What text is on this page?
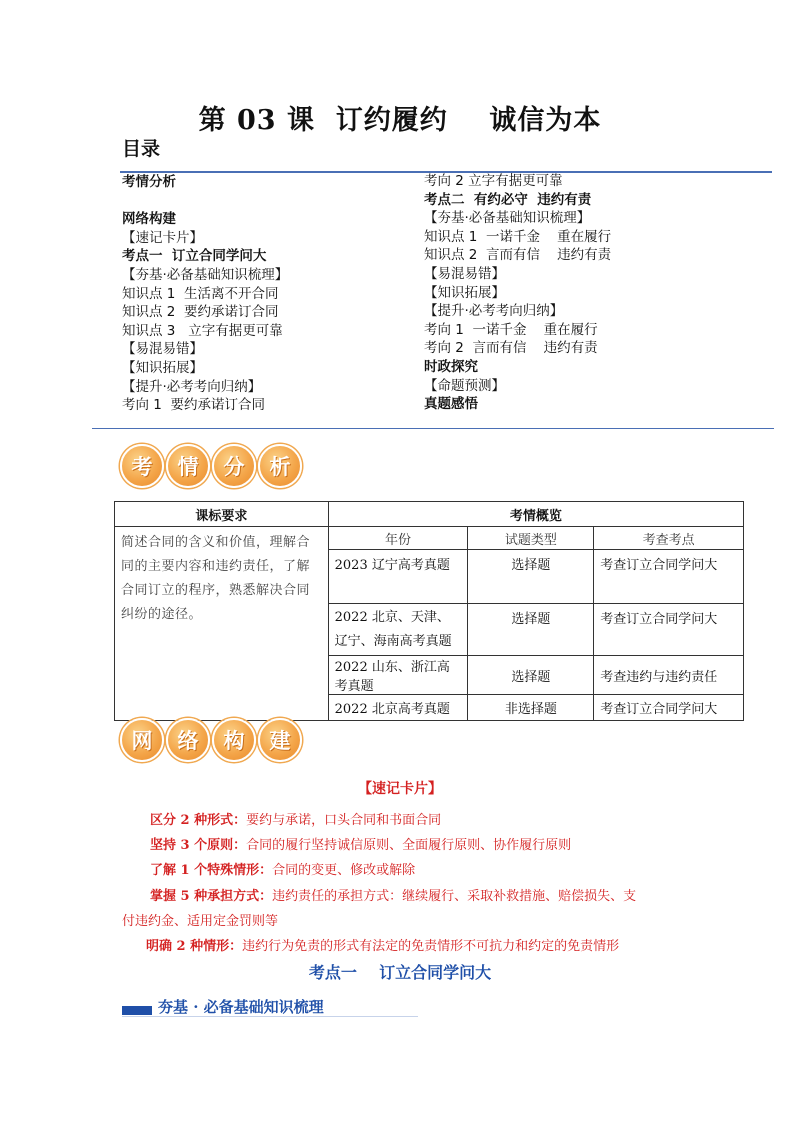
第 03 课  订约履约    诚信为本
目录
考情分析
网络构建
【速记卡片】
考点一  订立合同学问大
【夯基·必备基础知识梳理】
知识点 1  生活离不开合同
知识点 2  要约承诺订合同
知识点 3   立字有据更可靠
【易混易错】
【知识拓展】
【提升·必考考向归纳】
考向 1  要约承诺订合同
考向 2 立字有据更可靠
考点二  有约必守  违约有责
【夯基·必备基础知识梳理】
知识点 1  一诺千金    重在履行
知识点 2  言而有信    违约有责
【易混易错】
【知识拓展】
【提升·必考考向归纳】
考向 1  一诺千金    重在履行
考向 2  言而有信    违约有责
时政探究
【命题预测】
真题感悟
考	情	分	析
课标要求	考情概览		
简述合同的含义和价值，理解合同的主要内容和违约责任，了解合同订立的程序，熟悉解决合同纠纷的途径。	年份	试题类型	考查考点
	2023 辽宁高考真题	选择题	考查订立合同学问大
	2022 北京、天津、辽宁、海南高考真题	选择题	考查订立合同学问大
	2022 山东、浙江高考真题	选择题	考查违约与违约责任
	2022 北京高考真题	非选择题	考查订立合同学问大
网	络	构	建
【速记卡片】
区分 2 种形式：要约与承诺，口头合同和书面合同
坚持 3 个原则：合同的履行坚持诚信原则、全面履行原则、协作履行原则
了解 1 个特殊情形：合同的变更、修改或解除
掌握 5 种承担方式：违约责任的承担方式：继续履行、采取补救措施、赔偿损失、支
付违约金、适用定金罚则等
明确 2 种情形：违约行为免责的形式有法定的免责情形不可抗力和约定的免责情形
考点一    订立合同学问大
夯基 · 必备基础知识梳理
